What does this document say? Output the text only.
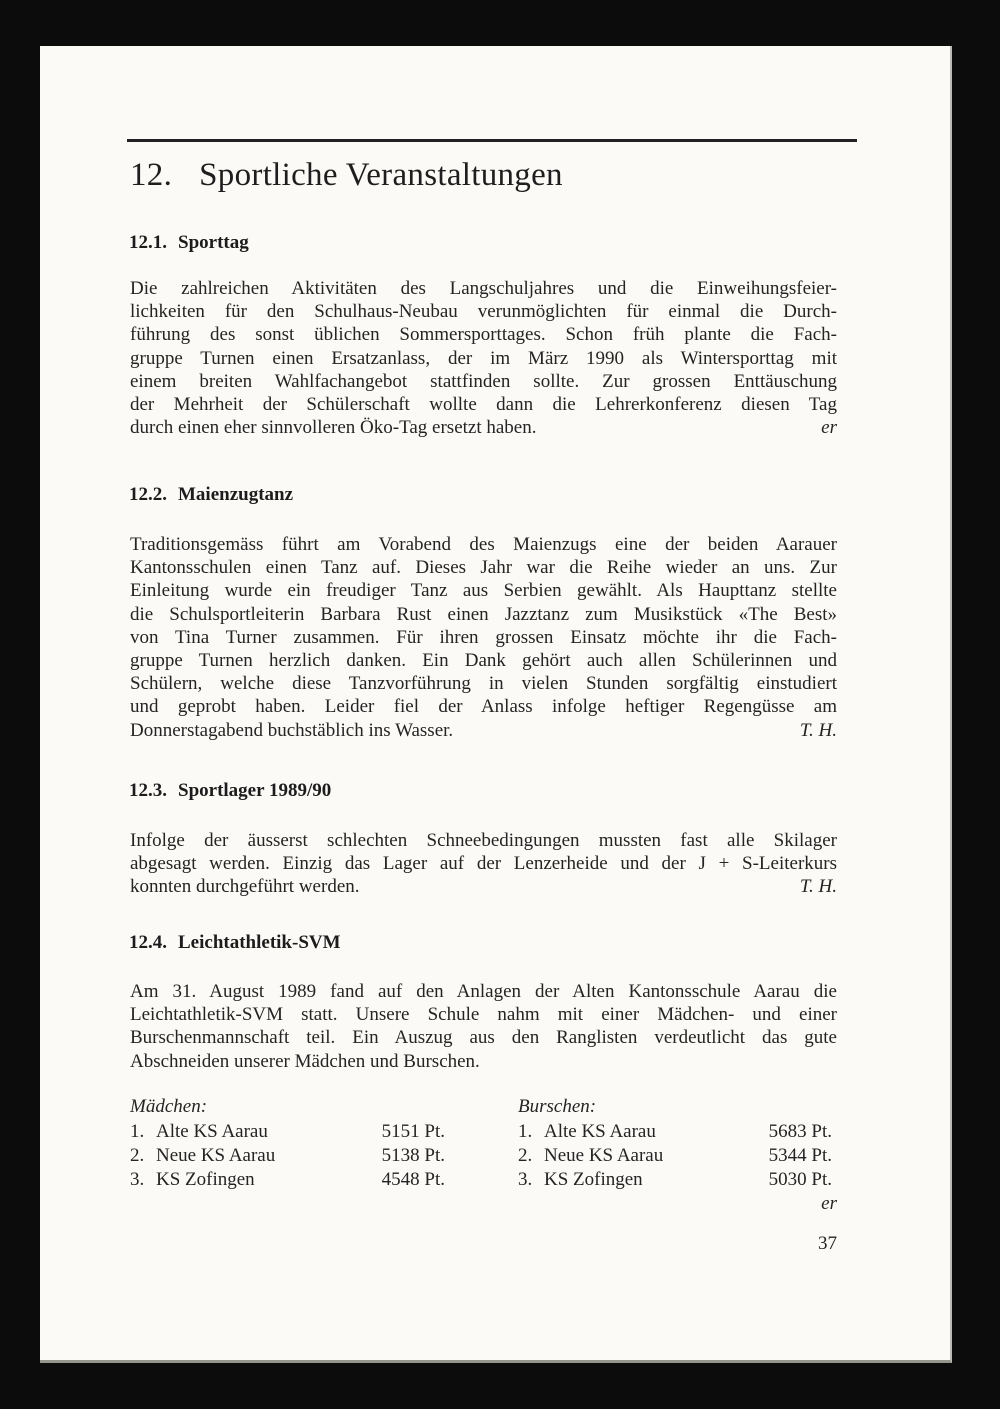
12. Sportliche Veranstaltungen
12.1. Sporttag
er
Die zahlreichen Aktivitäten des Langschuljahres und die Einweihungsfeier-
lichkeiten für den Schulhaus-Neubau verunmöglichten für einmal die Durch-
führung des sonst üblichen Sommersporttages. Schon früh plante die Fach-
gruppe Turnen einen Ersatzanlass, der im März 1990 als Wintersporttag mit
einem breiten Wahlfachangebot stattfinden sollte. Zur grossen Enttäuschung
der Mehrheit der Schülerschaft wollte dann die Lehrerkonferenz diesen Tag
durch einen eher sinnvolleren Öko-Tag ersetzt haben.
12.2. Maienzugtanz
T. H.
Traditionsgemäss führt am Vorabend des Maienzugs eine der beiden Aarauer
Kantonsschulen einen Tanz auf. Dieses Jahr war die Reihe wieder an uns. Zur
Einleitung wurde ein freudiger Tanz aus Serbien gewählt. Als Haupttanz stellte
die Schulsportleiterin Barbara Rust einen Jazztanz zum Musikstück «The Best»
von Tina Turner zusammen. Für ihren grossen Einsatz möchte ihr die Fach-
gruppe Turnen herzlich danken. Ein Dank gehört auch allen Schülerinnen und
Schülern, welche diese Tanzvorführung in vielen Stunden sorgfältig einstudiert
und geprobt haben. Leider fiel der Anlass infolge heftiger Regengüsse am
Donnerstagabend buchstäblich ins Wasser.
12.3. Sportlager 1989/90
T. H.
Infolge der äusserst schlechten Schneebedingungen mussten fast alle Skilager
abgesagt werden. Einzig das Lager auf der Lenzerheide und der J + S-Leiterkurs
konnten durchgeführt werden.
12.4. Leichtathletik-SVM
Am 31. August 1989 fand auf den Anlagen der Alten Kantonsschule Aarau die
Leichtathletik-SVM statt. Unsere Schule nahm mit einer Mädchen- und einer
Burschenmannschaft teil. Ein Auszug aus den Ranglisten verdeutlicht das gute
Abschneiden unserer Mädchen und Burschen.
Mädchen:
1. Alte KS Aarau	5151 Pt.
2. Neue KS Aarau	5138 Pt.
3. KS Zofingen	4548 Pt.
Burschen:
1. Alte KS Aarau	5683 Pt.
2. Neue KS Aarau	5344 Pt.
3. KS Zofingen	5030 Pt.
er
37
